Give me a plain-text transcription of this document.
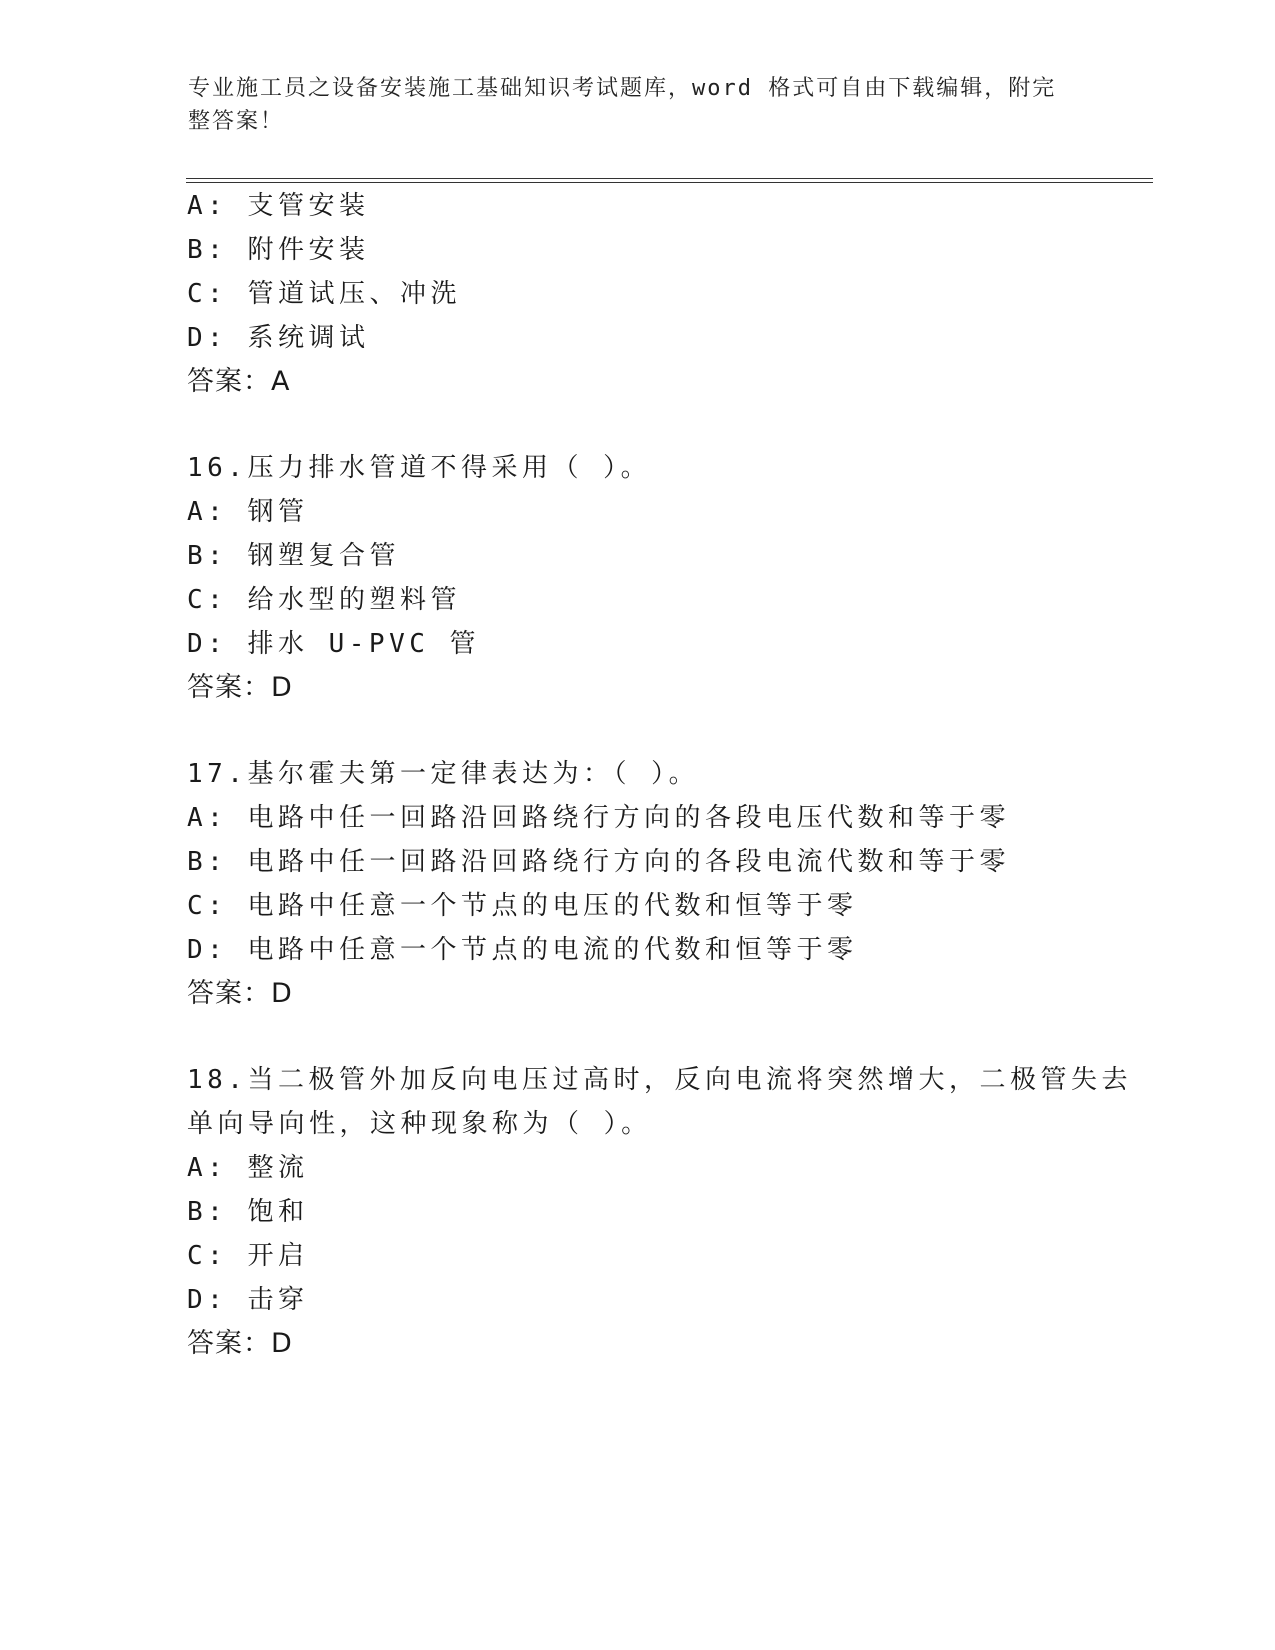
专业施工员之设备安装施工基础知识考试题库，word 格式可自由下载编辑，附完
整答案！
A: 支管安装
B: 附件安装
C: 管道试压、冲洗
D: 系统调试
答案：A
16.压力排水管道不得采用（ ）。
A: 钢管
B: 钢塑复合管
C: 给水型的塑料管
D: 排水 U-PVC 管
答案：D
17.基尔霍夫第一定律表达为：（ ）。
A: 电路中任一回路沿回路绕行方向的各段电压代数和等于零
B: 电路中任一回路沿回路绕行方向的各段电流代数和等于零
C: 电路中任意一个节点的电压的代数和恒等于零
D: 电路中任意一个节点的电流的代数和恒等于零
答案：D
18.当二极管外加反向电压过高时，反向电流将突然增大，二极管失去
单向导向性，这种现象称为（ ）。
A: 整流
B: 饱和
C: 开启
D: 击穿
答案：D
